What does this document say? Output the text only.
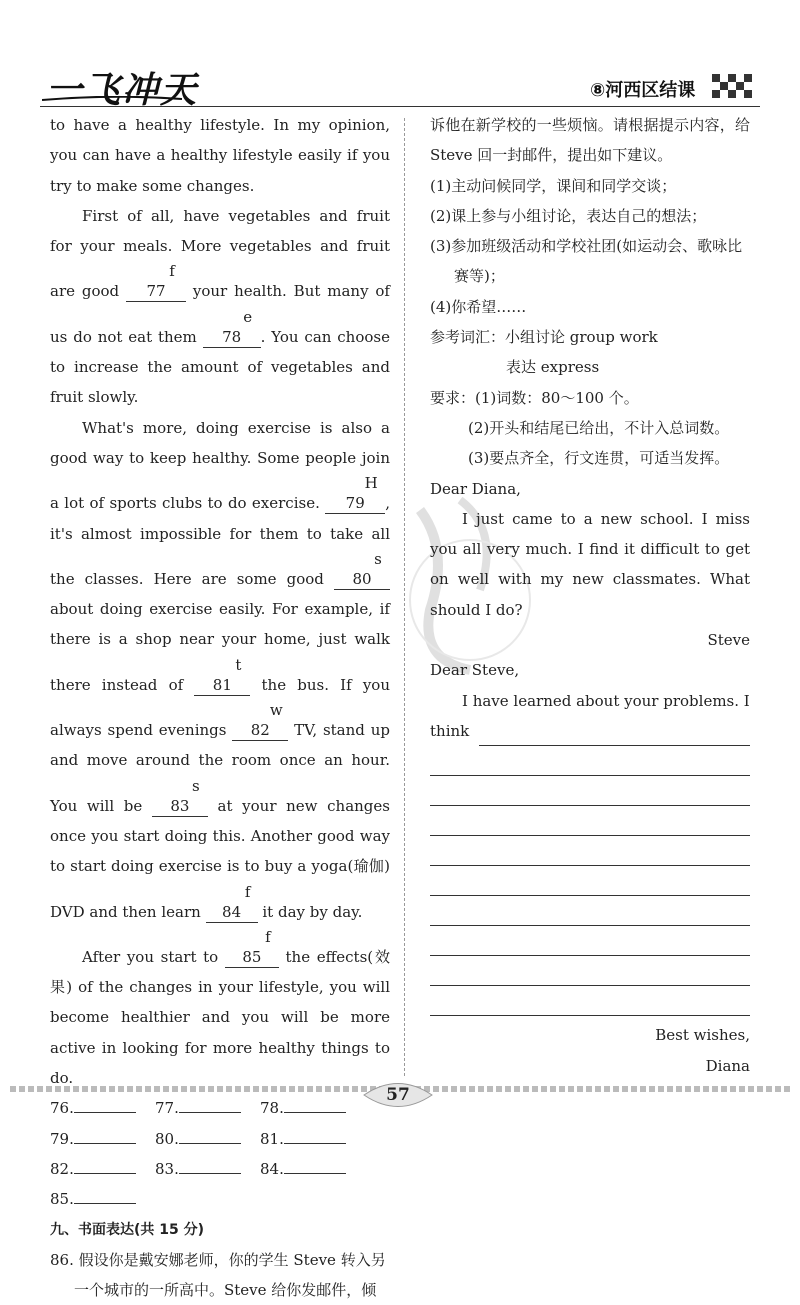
一飞冲天	⑧河西区结课

to have a healthy lifestyle. In my opinion, you can have a healthy lifestyle easily if you try to make some changes.

First of all, have vegetables and fruit for your meals. More vegetables and fruit are good f 77 your health. But many of us do not eat them e 78 . You can choose to increase the amount of vegetables and fruit slowly.

What's more, doing exercise is also a good way to keep healthy. Some people join a lot of sports clubs to do exercise. H 79 , it's almost impossible for them to take all the classes. Here are some good s 80 about doing exercise easily. For example, if there is a shop near your home, just walk there instead of t 81 the bus. If you always spend evenings w 82 TV, stand up and move around the room once an hour. You will be s 83 at your new changes once you start doing this. Another good way to start doing exercise is to buy a yoga(瑜伽) DVD and then learn f 84 it day by day.

After you start to f 85 the effects(效果) of the changes in your lifestyle, you will become healthier and you will be more active in looking for more healthy things to do.

76.	77.	78.
79.	80.	81.
82.	83.	84.
85.

九、书面表达(共 15 分)

86. 假设你是戴安娜老师，你的学生 Steve 转入另一个城市的一所高中。Steve 给你发邮件，倾

诉他在新学校的一些烦恼。请根据提示内容，给 Steve 回一封邮件，提出如下建议。

(1)主动问候同学，课间和同学交谈；

(2)课上参与小组讨论，表达自己的想法；

(3)参加班级活动和学校社团(如运动会、歌咏比赛等)；

(4)你希望……

参考词汇：小组讨论 group work

表达 express

要求：(1)词数：80～100 个。

(2)开头和结尾已给出，不计入总词数。

(3)要点齐全，行文连贯，可适当发挥。

Dear Diana,

I just came to a new school. I miss you all very much. I find it difficult to get on well with my new classmates. What should I do?

Steve

Dear Steve,

I have learned about your problems. I

think

Best wishes,

Diana

57
